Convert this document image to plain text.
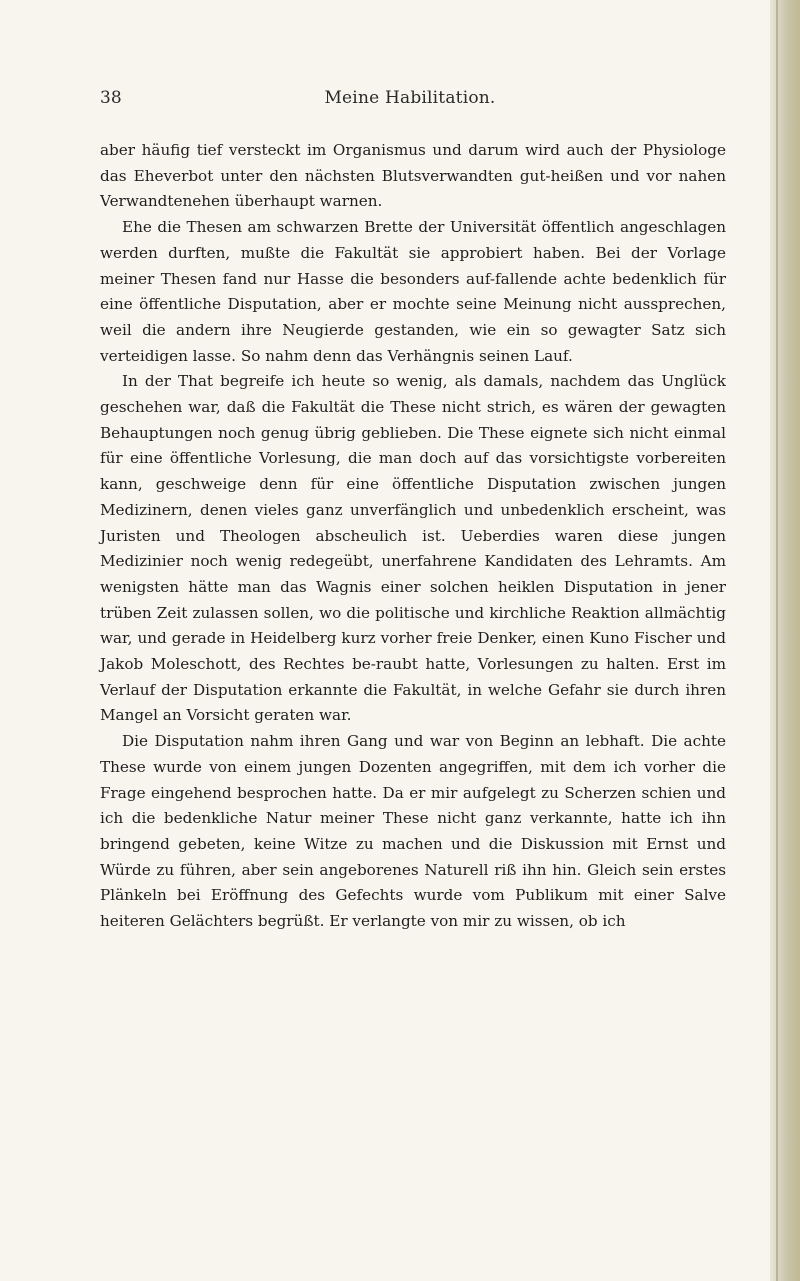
38	Meine Habilitation.

aber häufig tief versteckt im Organismus und darum wird auch der Physiologe das Eheverbot unter den nächsten Blutsverwandten gut-heißen und vor nahen Verwandtenehen überhaupt warnen.

Ehe die Thesen am schwarzen Brette der Universität öffentlich angeschlagen werden durften, mußte die Fakultät sie approbiert haben. Bei der Vorlage meiner Thesen fand nur Hasse die besonders auf-fallende achte bedenklich für eine öffentliche Disputation, aber er mochte seine Meinung nicht aussprechen, weil die andern ihre Neugierde gestanden, wie ein so gewagter Satz sich verteidigen lasse. So nahm denn das Verhängnis seinen Lauf.

In der That begreife ich heute so wenig, als damals, nachdem das Unglück geschehen war, daß die Fakultät die These nicht strich, es wären der gewagten Behauptungen noch genug übrig geblieben. Die These eignete sich nicht einmal für eine öffentliche Vorlesung, die man doch auf das vorsichtigste vorbereiten kann, geschweige denn für eine öffentliche Disputation zwischen jungen Medizinern, denen vieles ganz unverfänglich und unbedenklich erscheint, was Juristen und Theologen abscheulich ist. Ueberdies waren diese jungen Medizinier noch wenig redegeübt, unerfahrene Kandidaten des Lehramts. Am wenigsten hätte man das Wagnis einer solchen heiklen Disputation in jener trüben Zeit zulassen sollen, wo die politische und kirchliche Reaktion allmächtig war, und gerade in Heidelberg kurz vorher freie Denker, einen Kuno Fischer und Jakob Moleschott, des Rechtes be-raubt hatte, Vorlesungen zu halten. Erst im Verlauf der Disputation erkannte die Fakultät, in welche Gefahr sie durch ihren Mangel an Vorsicht geraten war.

Die Disputation nahm ihren Gang und war von Beginn an lebhaft. Die achte These wurde von einem jungen Dozenten angegriffen, mit dem ich vorher die Frage eingehend besprochen hatte. Da er mir aufgelegt zu Scherzen schien und ich die bedenkliche Natur meiner These nicht ganz verkannte, hatte ich ihn bringend gebeten, keine Witze zu machen und die Diskussion mit Ernst und Würde zu führen, aber sein angeborenes Naturell riß ihn hin. Gleich sein erstes Plänkeln bei Eröffnung des Gefechts wurde vom Publikum mit einer Salve heiteren Gelächters begrüßt. Er verlangte von mir zu wissen, ob ich
